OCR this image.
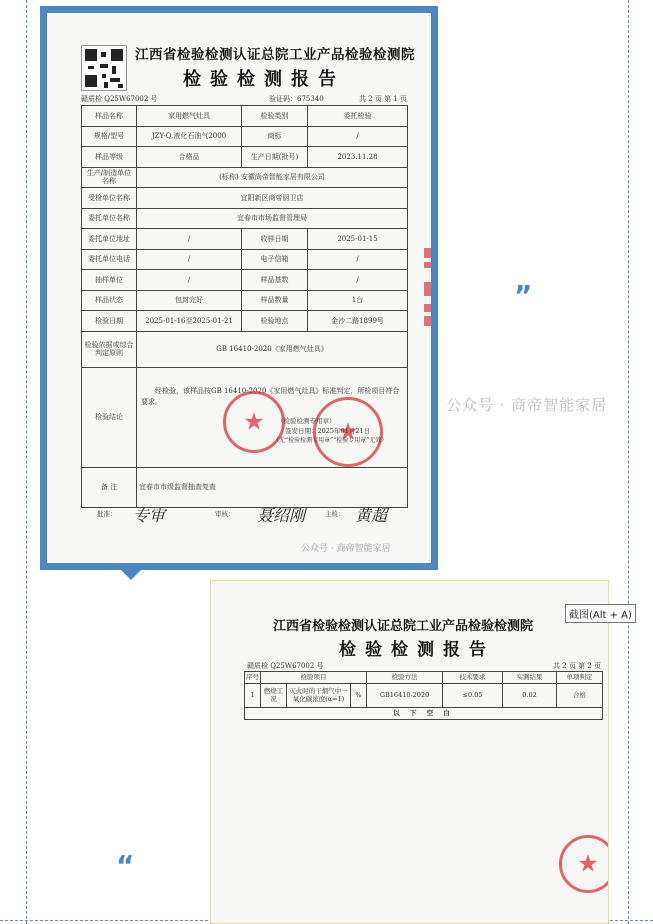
江西省检验检测认证总院工业产品检验检测院
检验检测报告
赣质检 Q25W67002 号	验证码：675340	共 2 页 第 1 页
样品名称	家用燃气灶具	检验类别	委托检验
规格/型号	JZY-Q,液化石油气2000	商标	/
样品等级	合格品	生产日期(批号)	2023.11.28
生产/制造单位名称	(标称) 安徽尚帝智能家居有限公司		
受检单位名称	宜阳新区商帝厨卫店		
委托单位名称	宜春市市场监督管理局		
委托单位地址	/	收样日期	2025-01-15
委托单位电话	/	电子信箱	/
抽样单位	/	样品基数	/
样品状态	包封完好	样品数量	1台
检验日期	2025-01-16至2025-01-21	检验地点	金沙二路1899号
检验依据或综合判定原则	GB 16410-2020《家用燃气灶具》		
检验结论	经检验，该样品按GB 16410-2020《家用燃气灶具》标准判定，所检项目符合要求。		
备 注	宜春市市级监督抽查复查		
★	★
（检验检测专用章）
签发日期：2025年01月21日
（无“检验检测专用章”“检验专用章”无效）
批准： 专审	审核： 聂绍刚	主检： 黄超
公众号 · 商帝智能家居
”
公众号 · 商帝智能家居
“
江西省检验检测认证总院工业产品检验检测院
检验检测报告
赣质检 Q25W67002 号	共 2 页 第 2 页
序号	检验项目			检验方法	技术要求	实测结果	单项判定
1	燃烧工况	灭火时的干烟气中一氧化碳浓度(α=1)	%	GB16410-2020	≤0.05	0.02	合格
以 下 空 白							
★
截图(Alt + A)
